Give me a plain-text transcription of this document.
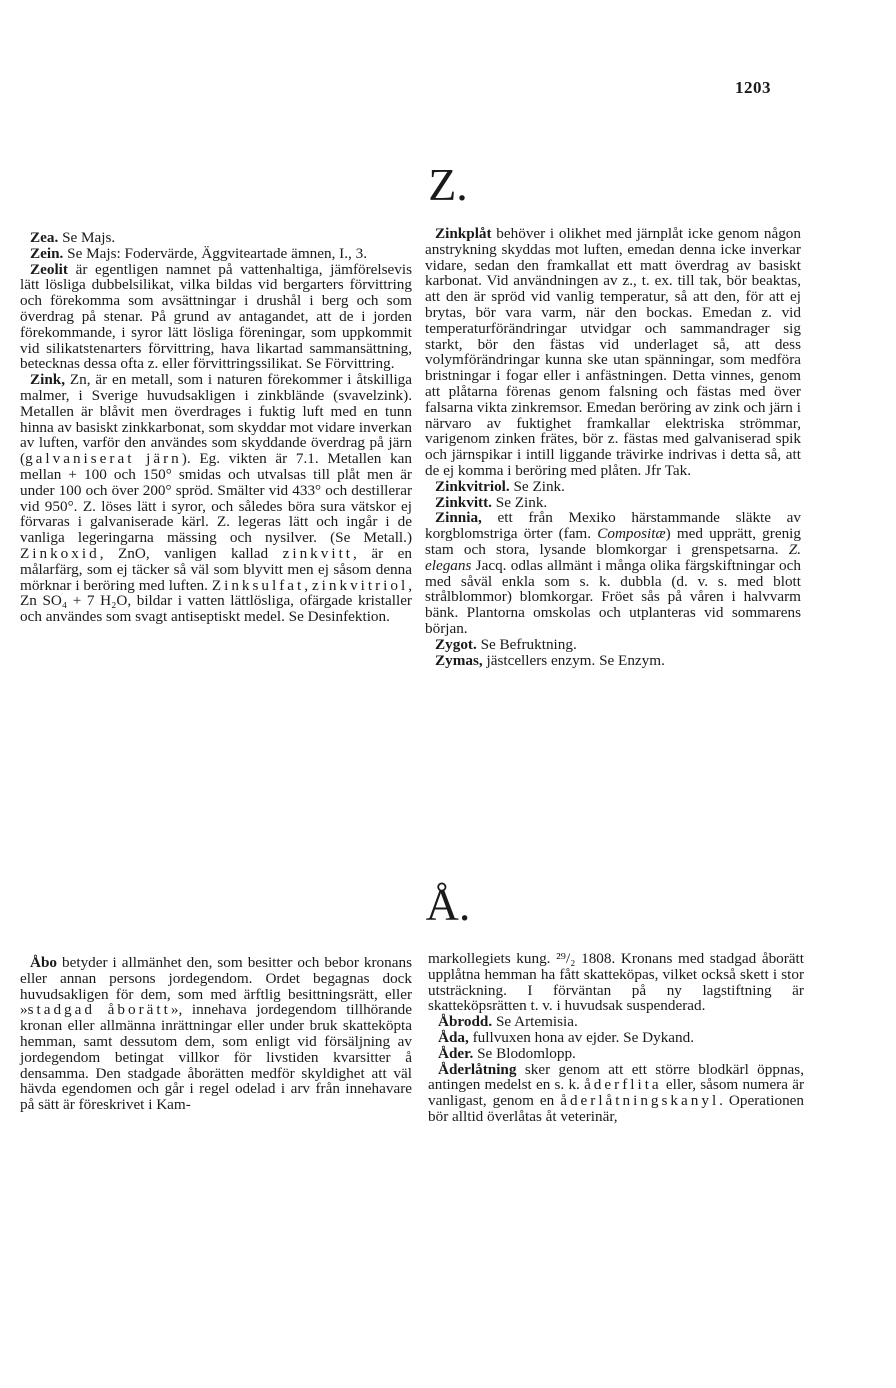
1203
Z.

Zea. Se Majs.

Zein. Se Majs: Fodervärde, Äggviteartade ämnen, I., 3.

Zeolit är egentligen namnet på vattenhaltiga, jämförelsevis lätt lösliga dubbelsilikat, vilka bildas vid bergarters förvittring och förekomma som avsättningar i drushål i berg och som överdrag på stenar. På grund av antagandet, att de i jorden förekommande, i syror lätt lösliga föreningar, som uppkommit vid silikatstenarters förvittring, hava likartad sammansättning, betecknas dessa ofta z. eller förvittringssilikat. Se Förvittring.

Zink, Zn, är en metall, som i naturen förekommer i åtskilliga malmer, i Sverige huvudsakligen i zinkblände (svavelzink). Metallen är blåvit men överdrages i fuktig luft med en tunn hinna av basiskt zinkkarbonat, som skyddar mot vidare inverkan av luften, varför den användes som skyddande överdrag på järn (galvaniserat järn). Eg. vikten är 7.1. Metallen kan mellan + 100 och 150° smidas och utvalsas till plåt men är under 100 och över 200° spröd. Smälter vid 433° och destillerar vid 950°. Z. löses lätt i syror, och således böra sura vätskor ej förvaras i galvaniserade kärl. Z. legeras lätt och ingår i de vanliga legeringarna mässing och nysilver. (Se Metall.) Zinkoxid, ZnO, vanligen kallad zinkvitt, är en målarfärg, som ej täcker så väl som blyvitt men ej såsom denna mörknar i beröring med luften. Zinksulfat, zinkvitriol, Zn SO₄ + 7 H₂O, bildar i vatten lättlösliga, ofärgade kristaller och användes som svagt antiseptiskt medel. Se Desinfektion.

Zinkplåt behöver i olikhet med järnplåt icke genom någon anstrykning skyddas mot luften, emedan denna icke inverkar vidare, sedan den framkallat ett matt överdrag av basiskt karbonat. Vid användningen av z., t. ex. till tak, bör beaktas, att den är spröd vid vanlig temperatur, så att den, för att ej brytas, bör vara varm, när den bockas. Emedan z. vid temperaturförändringar utvidgar och sammandrager sig starkt, bör den fästas vid underlaget så, att dess volymförändringar kunna ske utan spänningar, som medföra bristningar i fogar eller i anfästningen. Detta vinnes, genom att plåtarna förenas genom falsning och fästas med över falsarna vikta zinkremsor. Emedan beröring av zink och järn i närvaro av fuktighet framkallar elektriska strömmar, varigenom zinken frätes, bör z. fästas med galvaniserad spik och järnspikar i intill liggande trävirke indrivas i detta så, att de ej komma i beröring med plåten. Jfr Tak.

Zinkvitriol. Se Zink.

Zinkvitt. Se Zink.

Zinnia, ett från Mexiko härstammande släkte av korgblomstriga örter (fam. Compositæ) med upprätt, grenig stam och stora, lysande blomkorgar i grenspetsarna. Z. elegans Jacq. odlas allmänt i många olika färgskiftningar och med såväl enkla som s. k. dubbla (d. v. s. med blott strålblommor) blomkorgar. Fröet sås på våren i halvvarm bänk. Plantorna omskolas och utplanteras vid sommarens början.

Zygot. Se Befruktning.

Zymas, jästcellers enzym. Se Enzym.

Å.

Åbo betyder i allmänhet den, som besitter och bebor kronans eller annan persons jordegendom. Ordet begagnas dock huvudsakligen för dem, som med ärftlig besittningsrätt, eller »stadgad åborätt», innehava jordegendom tillhörande kronan eller allmänna inrättningar eller under bruk skatteköpta hemman, samt dessutom dem, som enligt vid försäljning av jordegendom betingat villkor för livstiden kvarsitter å densamma. Den stadgade åborätten medför skyldighet att väl hävda egendomen och går i regel odelad i arv från innehavare på sätt är föreskrivet i Kam-

markollegiets kung. ²⁹/₂ 1808. Kronans med stadgad åborätt upplåtna hemman ha fått skatteköpas, vilket också skett i stor utsträckning. I förväntan på ny lagstiftning är skatteköpsrätten t. v. i huvudsak suspenderad.

Åbrodd. Se Artemisia.

Åda, fullvuxen hona av ejder. Se Dykand.

Åder. Se Blodomlopp.

Åderlåtning sker genom att ett större blodkärl öppnas, antingen medelst en s. k. åderflita eller, såsom numera är vanligast, genom en åderlåtningskanyl. Operationen bör alltid överlåtas åt veterinär,
